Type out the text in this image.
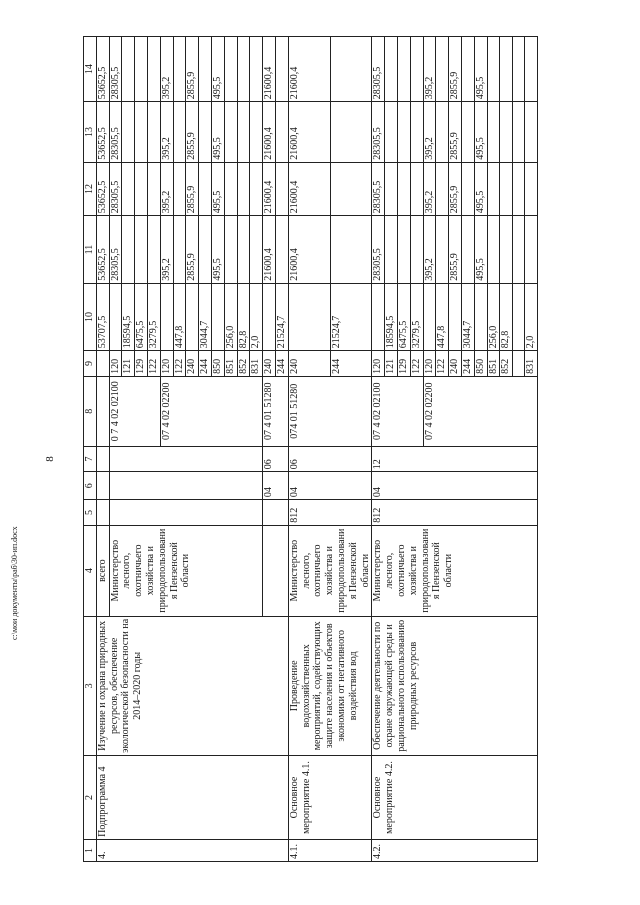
8
c:\мои документы\раб\30-ип.docx
1	2	3	4	5	6	7	8	9	10	11	12	13	14
4.	Подпрограмма 4	Изучение и охрана природных ресурсов, обеспечение экологической безопасности на 2014–2020 годы	всего						53707,5	53652,5	53652,5	53652,5	53652,5
			Министерство лесного, охотничьего хозяйства и природопользования Пензенской области				0 7 4 02 02100	120		28305,5	28305,5	28305,5	28305,5
								121	18594,5				
								129	6475,5				
								122	3279,5				
							07 4 02 02200	120		395,2	395,2	395,2	395,2
								122	447,8				
								240		2855,9	2855,9	2855,9	2855,9
								244	3044,7				
								850		495,5	495,5	495,5	495,5
								851	256,0				
								852	82,8				
								831	2,0				
					04	06	07 4 01 51280	240		21600,4	21600,4	21600,4	21600,4
								244	21524,7				
4.1.	Основное мероприятие 4.1.	Проведение водохозяйственных мероприятий, содействующих защите населения и объектов экономики от негативного воздействия вод	Министерство лесного, охотничьего хозяйства и природопользования Пензенской области	812	04	06	074 01 51280	240		21600,4	21600,4	21600,4	21600,4
								244	21524,7				
4.2.	Основное мероприятие 4.2.	Обеспечение деятельности по охране окружающей среды и рационального использованию природных ресурсов	Министерство лесного, охотничьего хозяйства и природопользования Пензенской области	812	04	12	07 4 02 02100	120		28305,5	28305,5	28305,5	28305,5
								121	18594,5				
								129	6475,5				
								122	3279,5				
							07 4 02 02200	120		395,2	395,2	395,2	395,2
								122	447,8				
								240		2855,9	2855,9	2855,9	2855,9
								244	3044,7				
								850		495,5	495,5	495,5	495,5
								851	256,0				
								852	82,8				

								831	2,0				
